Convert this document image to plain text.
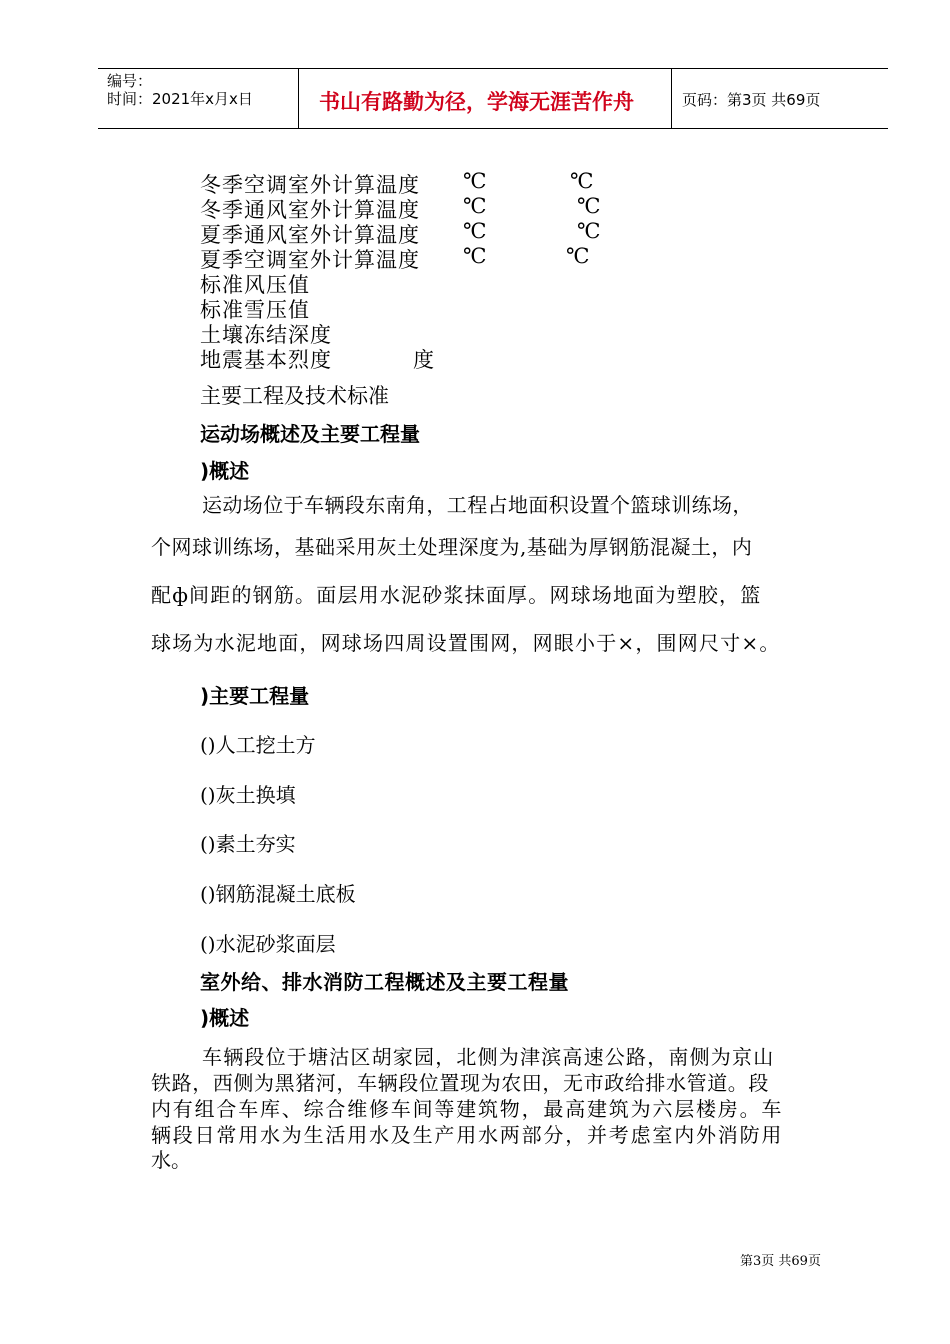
编号：
时间：2021年x月x日	书山有路勤为径，学海无涯苦作舟	页码：第3页 共69页
冬季空调室外计算温度 ℃	℃
冬季通风室外计算温度 ℃	℃
夏季通风室外计算温度 ℃	℃
夏季空调室外计算温度 ℃	℃
标准风压值
标准雪压值
土壤冻结深度
地震基本烈度	度
主要工程及技术标准
运动场概述及主要工程量
)概述
运动场位于车辆段东南角，工程占地面积设置个篮球训练场，
个网球训练场，基础采用灰土处理深度为,基础为厚钢筋混凝土，内
配ф间距的钢筋。面层用水泥砂浆抹面厚。网球场地面为塑胶，篮
球场为水泥地面，网球场四周设置围网，网眼小于×，围网尺寸×。
)主要工程量
()人工挖土方
()灰土换填
()素土夯实
()钢筋混凝土底板
()水泥砂浆面层
室外给、排水消防工程概述及主要工程量
)概述
车辆段位于塘沽区胡家园，北侧为津滨高速公路，南侧为京山
铁路，西侧为黑猪河，车辆段位置现为农田，无市政给排水管道。段
内有组合车库、综合维修车间等建筑物，最高建筑为六层楼房。车
辆段日常用水为生活用水及生产用水两部分，并考虑室内外消防用
水。
第3页 共69页
